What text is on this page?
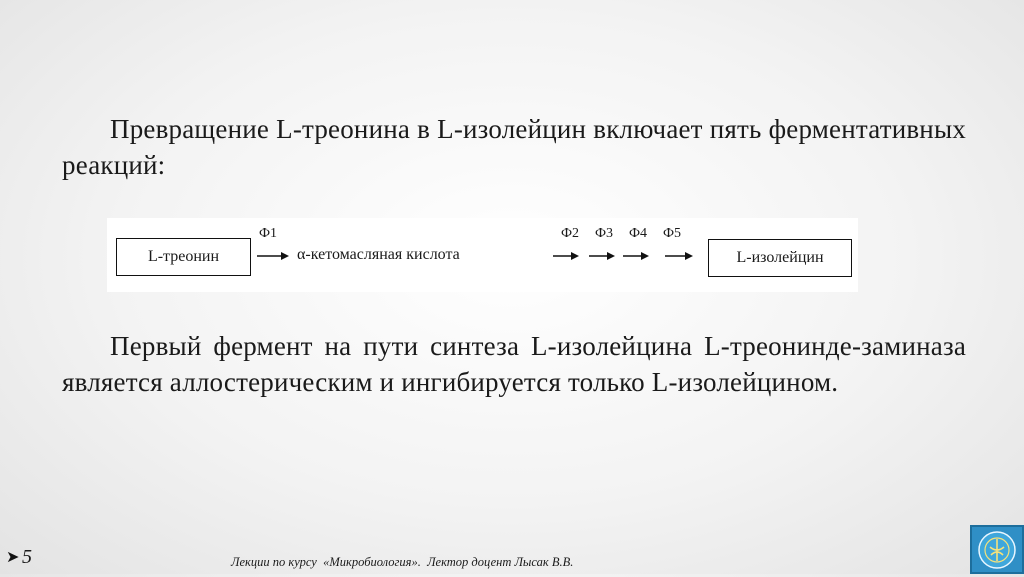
Превращение L-треонина в L-изолейцин включает пять ферментативных реакций:
L-треонин
Ф1
α-кетомасляная кислота
Ф2 Ф3 Ф4 Ф5
L-изолейцин
Первый фермент на пути синтеза L-изолейцина L-треонинде-заминаза является аллостерическим и ингибируется только L-изолейцином.
➤ 5	Лекции по курсу  «Микробиология».  Лектор доцент Лысак В.В.
